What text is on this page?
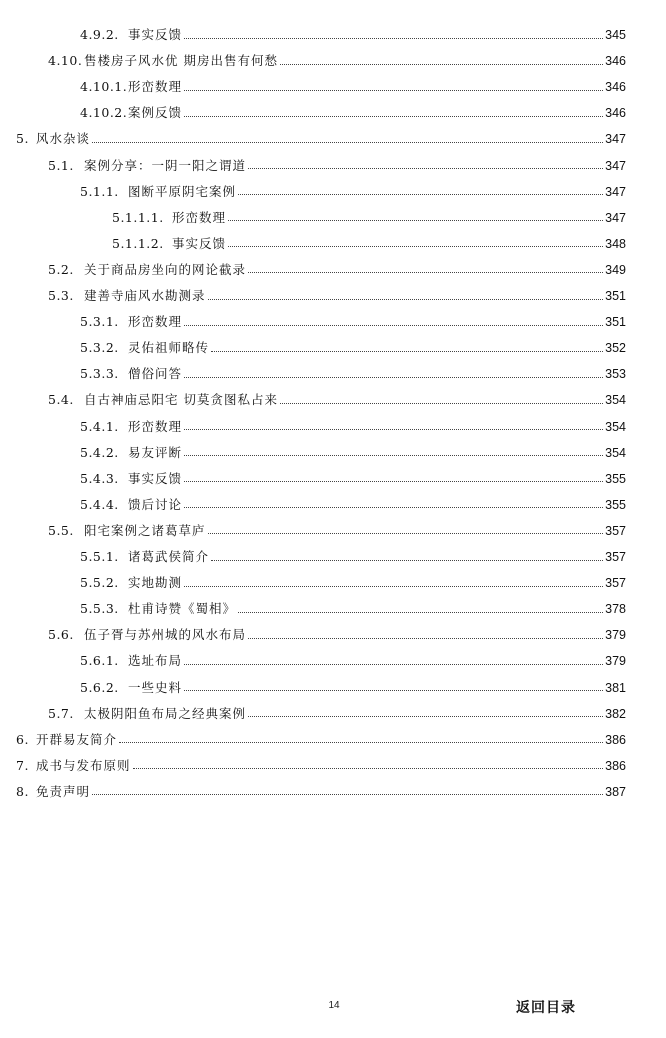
4.9.2. 事实反馈	345
4.10. 售楼房子风水优 期房出售有何愁	346
4.10.1. 形峦数理	346
4.10.2. 案例反馈	346
5. 风水杂谈	347
5.1. 案例分享：一阴一阳之谓道	347
5.1.1. 图断平原阴宅案例	347
5.1.1.1. 形峦数理	347
5.1.1.2. 事实反馈	348
5.2. 关于商品房坐向的网论截录	349
5.3. 建善寺庙风水勘测录	351
5.3.1. 形峦数理	351
5.3.2. 灵佑祖师略传	352
5.3.3. 僧俗问答	353
5.4. 自古神庙忌阳宅 切莫贪图私占来	354
5.4.1. 形峦数理	354
5.4.2. 易友评断	354
5.4.3. 事实反馈	355
5.4.4. 馈后讨论	355
5.5. 阳宅案例之诸葛草庐	357
5.5.1. 诸葛武侯简介	357
5.5.2. 实地勘测	357
5.5.3. 杜甫诗赞《蜀相》	378
5.6. 伍子胥与苏州城的风水布局	379
5.6.1. 选址布局	379
5.6.2. 一些史料	381
5.7. 太极阴阳鱼布局之经典案例	382
6. 开群易友简介	386
7. 成书与发布原则	386
8. 免责声明	387
14	返回目录
